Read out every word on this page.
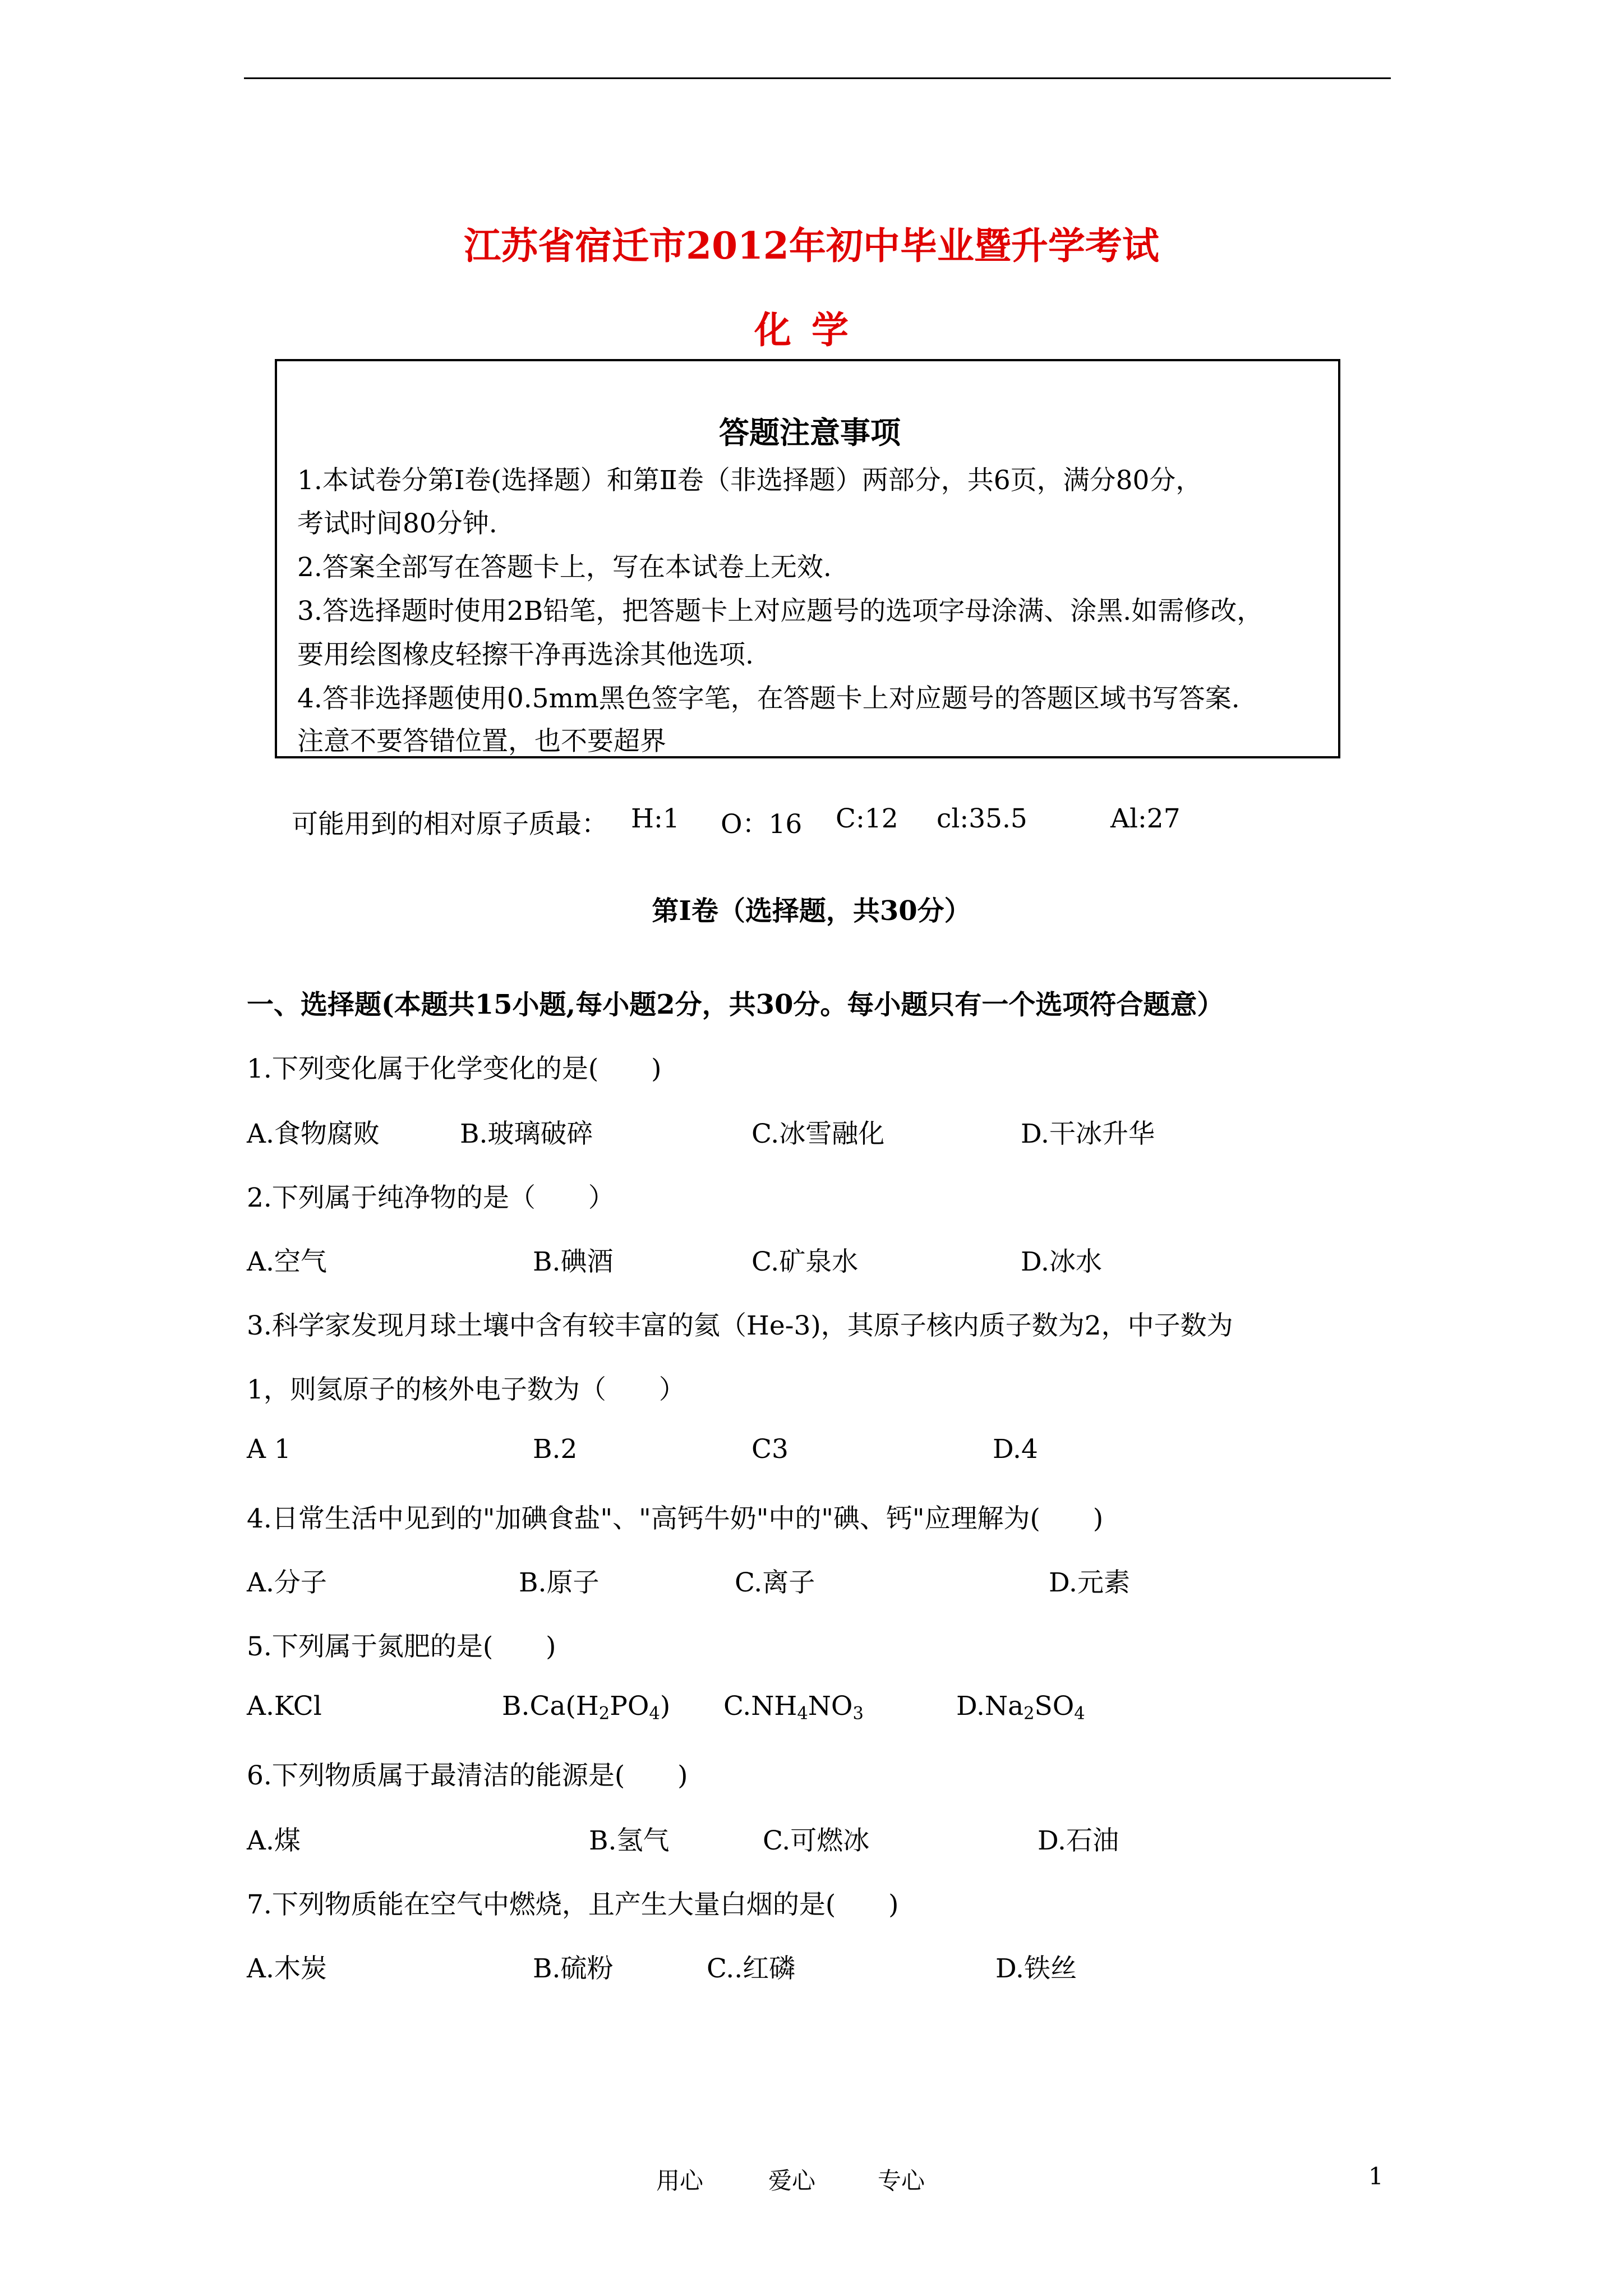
江苏省宿迁市2012年初中毕业暨升学考试
化学
答题注意事项
1.本试卷分第Ⅰ卷(选择题）和第Ⅱ卷（非选择题）两部分，共6页，满分80分，
考试时间80分钟.
2.答案全部写在答题卡上，写在本试卷上无效.
3.答选择题时使用2B铅笔，把答题卡上对应题号的选项字母涂满、涂黑.如需修改，
要用绘图橡皮轻擦干净再选涂其他选项.
4.答非选择题使用0.5mm黑色签字笔，在答题卡上对应题号的答题区域书写答案.
注意不要答错位置，也不要超界
可能用到的相对原子质最： H:1 O：16 C:12 cl:35.5	Al:27
第Ⅰ卷（选择题，共30分）
一、选择题(本题共15小题,每小题2分，共30分。每小题只有一个选项符合题意）
1.下列变化属于化学变化的是(　　)
A.食物腐败	B.玻璃破碎	C.冰雪融化	D.干冰升华
2.下列属于纯净物的是（　　）
A.空气	B.碘酒	C.矿泉水	D.冰水
3.科学家发现月球土壤中含有较丰富的氦（He-3)，其原子核内质子数为2，中子数为
1，则氦原子的核外电子数为（　　）
A 1	B.2	C3	D.4
4.日常生活中见到的"加碘食盐"、"高钙牛奶"中的"碘、钙"应理解为(　　)
A.分子	B.原子	C.离子	D.元素
5.下列属于氮肥的是(　　)
A.KCl	$B.Ca(H_2PO_4)$ $C.NH_4NO_3$	$D.Na_2SO_4$
6.下列物质属于最清洁的能源是(　　)
A.煤	B.氢气	C.可燃冰	D.石油
7.下列物质能在空气中燃烧，且产生大量白烟的是(　　)
A.木炭	B.硫粉	C..红磷	D.铁丝
用心	爱心	专心	1
